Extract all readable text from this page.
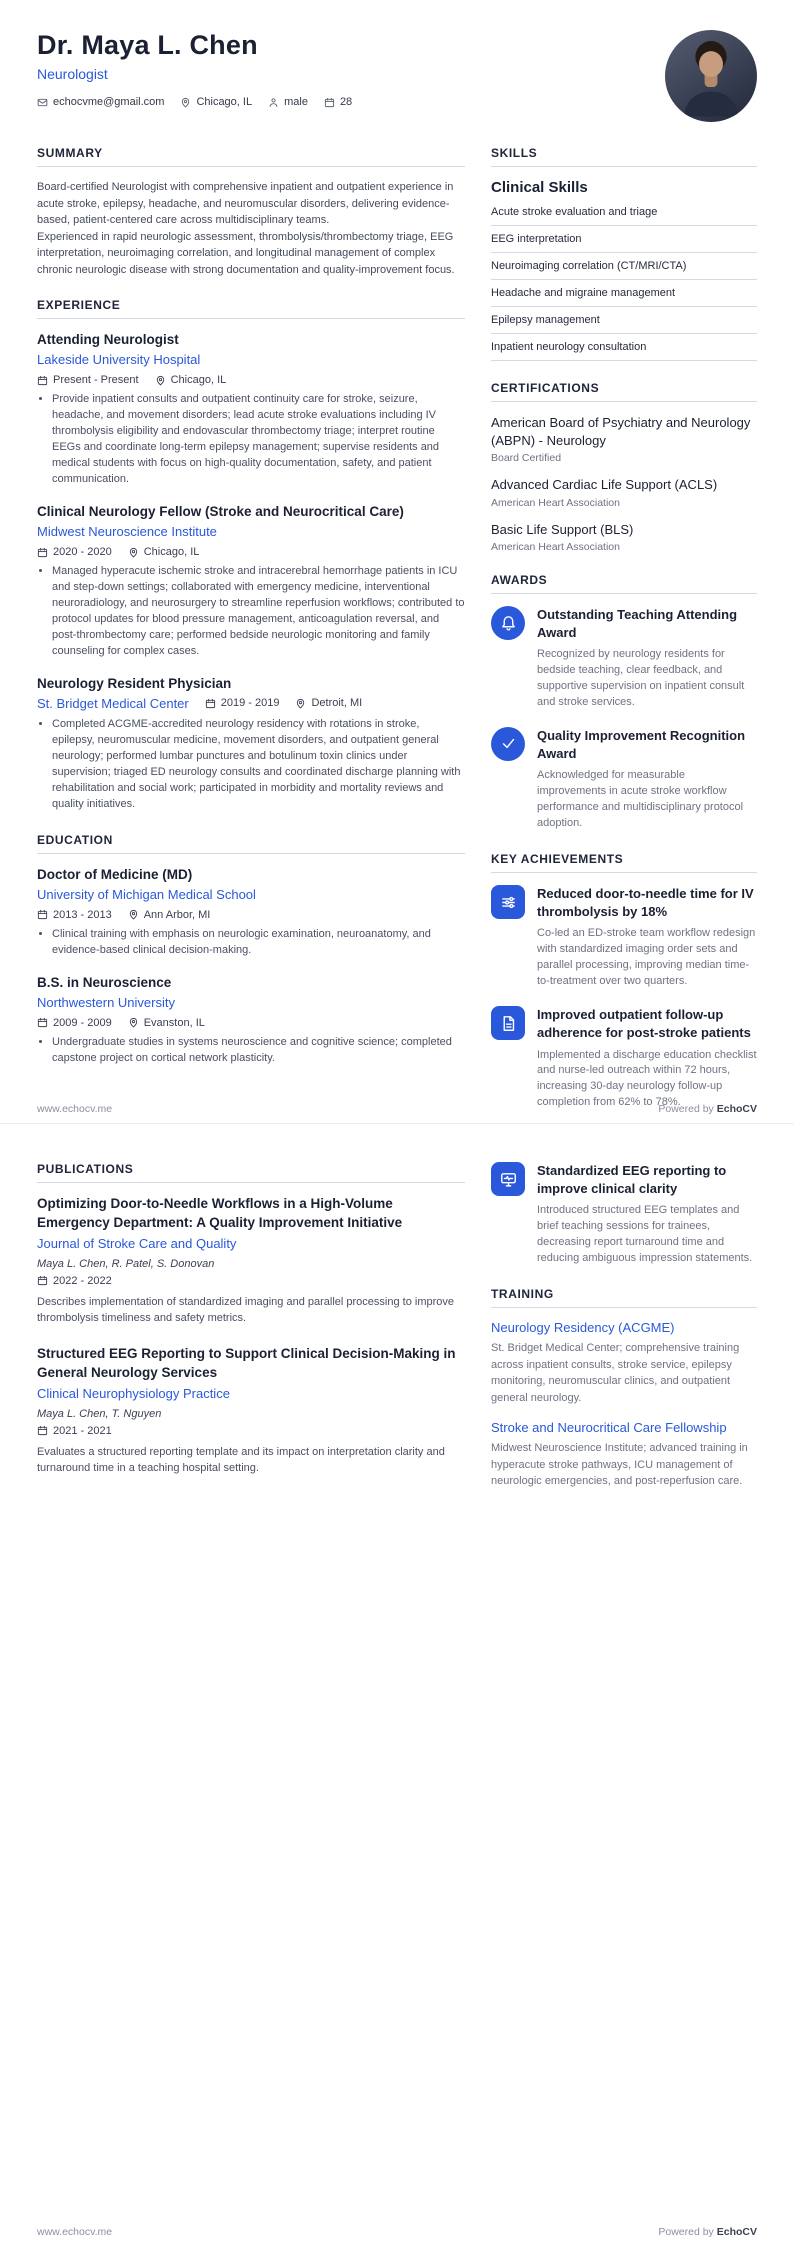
Dr. Maya L. Chen
Neurologist
echocvme@gmail.com	Chicago, IL	male	28
SUMMARY

Board-certified Neurologist with comprehensive inpatient and outpatient experience in acute stroke, epilepsy, headache, and neuromuscular disorders, delivering evidence-based, patient-centered care across multidisciplinary teams.

Experienced in rapid neurologic assessment, thrombolysis/thrombectomy triage, EEG interpretation, neuroimaging correlation, and longitudinal management of complex chronic neurologic disease with strong documentation and quality-improvement focus.

EXPERIENCE
Attending Neurologist
Lakeside University Hospital
Present - Present	Chicago, IL
• Provide inpatient consults and outpatient continuity care for stroke, seizure, headache, and movement disorders; lead acute stroke evaluations including IV thrombolysis eligibility and endovascular thrombectomy triage; interpret routine EEGs and coordinate long-term epilepsy management; supervise residents and medical students with focus on high-quality documentation, safety, and patient communication.
Clinical Neurology Fellow (Stroke and Neurocritical Care)
Midwest Neuroscience Institute
2020 - 2020	Chicago, IL
• Managed hyperacute ischemic stroke and intracerebral hemorrhage patients in ICU and step-down settings; collaborated with emergency medicine, interventional neuroradiology, and neurosurgery to streamline reperfusion workflows; contributed to protocol updates for blood pressure management, anticoagulation reversal, and post-thrombectomy care; performed bedside neurologic monitoring and family counseling for complex cases.
Neurology Resident Physician
St. Bridget Medical Center	2019 - 2019	Detroit, MI
• Completed ACGME-accredited neurology residency with rotations in stroke, epilepsy, neuromuscular medicine, movement disorders, and outpatient general neurology; performed lumbar punctures and botulinum toxin clinics under supervision; triaged ED neurology consults and coordinated discharge planning with rehabilitation and social work; participated in morbidity and mortality reviews and quality initiatives.
EDUCATION
Doctor of Medicine (MD)
University of Michigan Medical School
2013 - 2013	Ann Arbor, MI
• Clinical training with emphasis on neurologic examination, neuroanatomy, and evidence-based clinical decision-making.
B.S. in Neuroscience
Northwestern University
2009 - 2009	Evanston, IL
• Undergraduate studies in systems neuroscience and cognitive science; completed capstone project on cortical network plasticity.
SKILLS
Clinical Skills
Acute stroke evaluation and triage
EEG interpretation
Neuroimaging correlation (CT/MRI/CTA)
Headache and migraine management
Epilepsy management
Inpatient neurology consultation
CERTIFICATIONS
American Board of Psychiatry and Neurology (ABPN) - Neurology
Board Certified
Advanced Cardiac Life Support (ACLS)
American Heart Association
Basic Life Support (BLS)
American Heart Association
AWARDS
Outstanding Teaching Attending Award
Recognized by neurology residents for bedside teaching, clear feedback, and supportive supervision on inpatient consult and stroke services.
Quality Improvement Recognition Award
Acknowledged for measurable improvements in acute stroke workflow performance and multidisciplinary protocol adoption.
KEY ACHIEVEMENTS
Reduced door-to-needle time for IV thrombolysis by 18%
Co-led an ED-stroke team workflow redesign with standardized imaging order sets and parallel processing, improving median time-to-treatment over two quarters.
Improved outpatient follow-up adherence for post-stroke patients
Implemented a discharge education checklist and nurse-led outreach within 72 hours, increasing 30-day neurology follow-up completion from 62% to 78%.
www.echocv.me	Powered by EchoCV
PUBLICATIONS
Optimizing Door-to-Needle Workflows in a High-Volume Emergency Department: A Quality Improvement Initiative
Journal of Stroke Care and Quality
Maya L. Chen, R. Patel, S. Donovan
2022 - 2022
Describes implementation of standardized imaging and parallel processing to improve thrombolysis timeliness and safety metrics.
Structured EEG Reporting to Support Clinical Decision-Making in General Neurology Services
Clinical Neurophysiology Practice
Maya L. Chen, T. Nguyen
2021 - 2021
Evaluates a structured reporting template and its impact on interpretation clarity and turnaround time in a teaching hospital setting.
Standardized EEG reporting to improve clinical clarity
Introduced structured EEG templates and brief teaching sessions for trainees, decreasing report turnaround time and reducing ambiguous impression statements.
TRAINING
Neurology Residency (ACGME)
St. Bridget Medical Center; comprehensive training across inpatient consults, stroke service, epilepsy monitoring, neuromuscular clinics, and outpatient general neurology.
Stroke and Neurocritical Care Fellowship
Midwest Neuroscience Institute; advanced training in hyperacute stroke pathways, ICU management of neurologic emergencies, and post-reperfusion care.
www.echocv.me	Powered by EchoCV
